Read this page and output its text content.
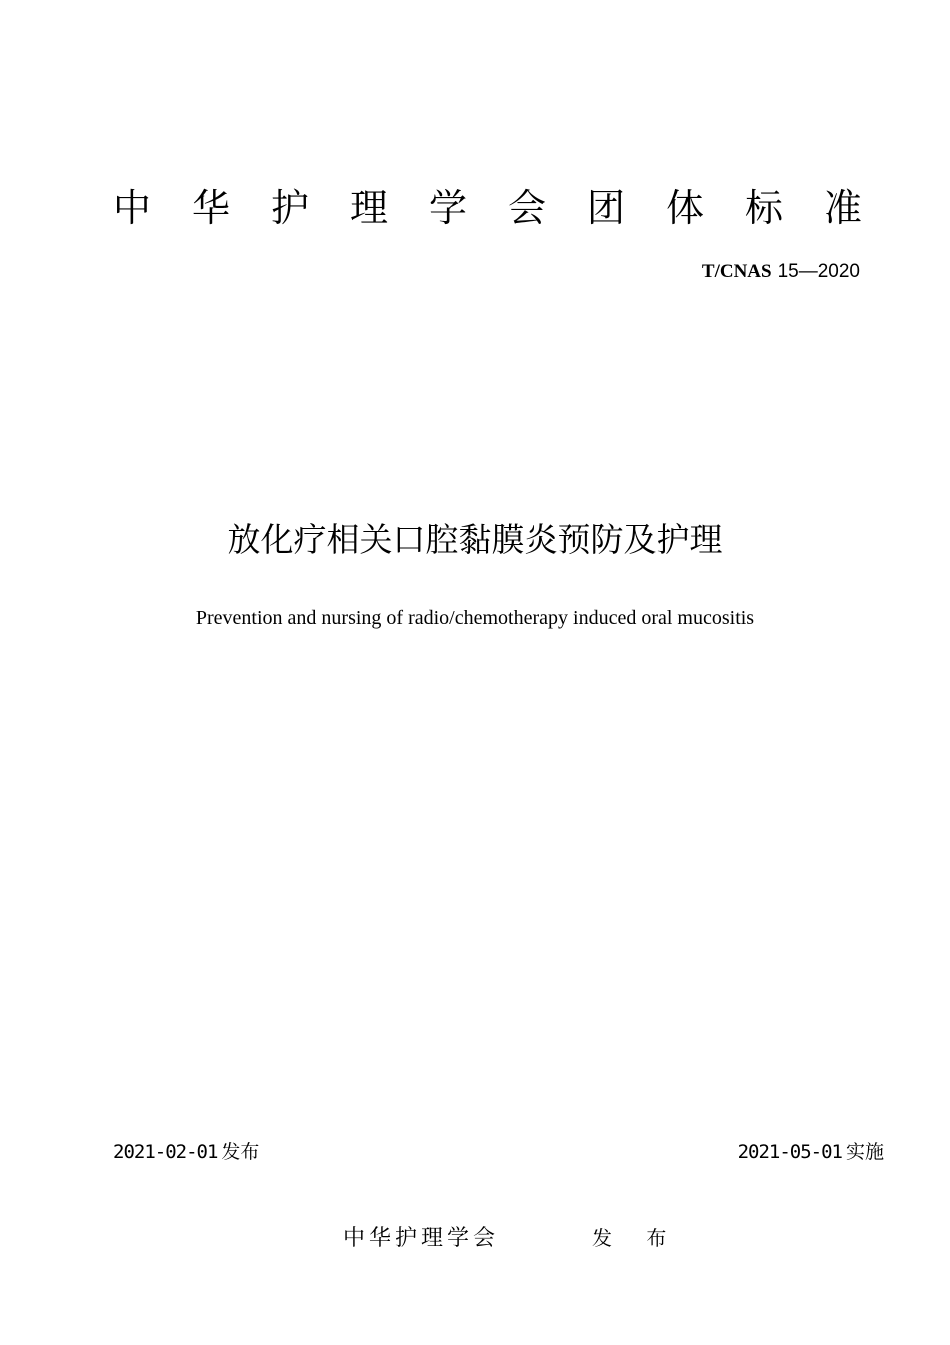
中 华 护 理 学 会 团 体 标 准
T/CNAS 15—2020
放化疗相关口腔黏膜炎预防及护理
Prevention and nursing of radio/chemotherapy induced oral mucositis
2021-02-01 发布	2021-05-01 实施
中华护理学会	发 布
